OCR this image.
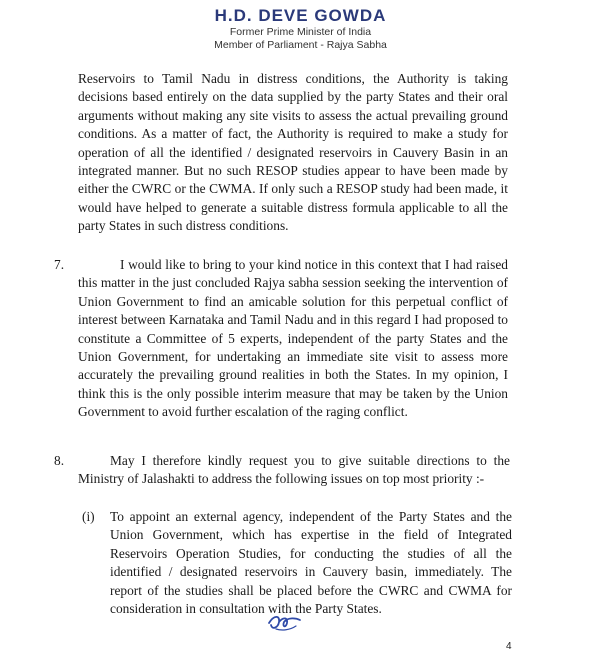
H.D. DEVE GOWDA
Former Prime Minister of India
Member of Parliament - Rajya Sabha
Reservoirs to Tamil Nadu in distress conditions, the Authority is taking decisions based entirely on the data supplied by the party States and their oral arguments without making any site visits to assess the actual prevailing ground conditions. As a matter of fact, the Authority is required to make a study for operation of all the identified / designated reservoirs in Cauvery Basin in an integrated manner. But no such RESOP studies appear to have been made by either the CWRC or the CWMA. If only such a RESOP study had been made, it would have helped to generate a suitable distress formula applicable to all the party States in such distress conditions.
7.	I would like to bring to your kind notice in this context that I had raised this matter in the just concluded Rajya sabha session seeking the intervention of Union Government to find an amicable solution for this perpetual conflict of interest between Karnataka and Tamil Nadu and in this regard I had proposed to constitute a Committee of 5 experts, independent of the party States and the Union Government, for undertaking an immediate site visit to assess more accurately the prevailing ground realities in both the States. In my opinion, I think this is the only possible interim measure that may be taken by the Union Government to avoid further escalation of the raging conflict.
8.	May I therefore kindly request you to give suitable directions to the Ministry of Jalashakti to address the following issues on top most priority :-
(i) To appoint an external agency, independent of the Party States and the Union Government, which has expertise in the field of Integrated Reservoirs Operation Studies, for conducting the studies of all the identified / designated reservoirs in Cauvery basin, immediately. The report of the studies shall be placed before the CWRC and CWMA for consideration in consultation with the Party States.
4
